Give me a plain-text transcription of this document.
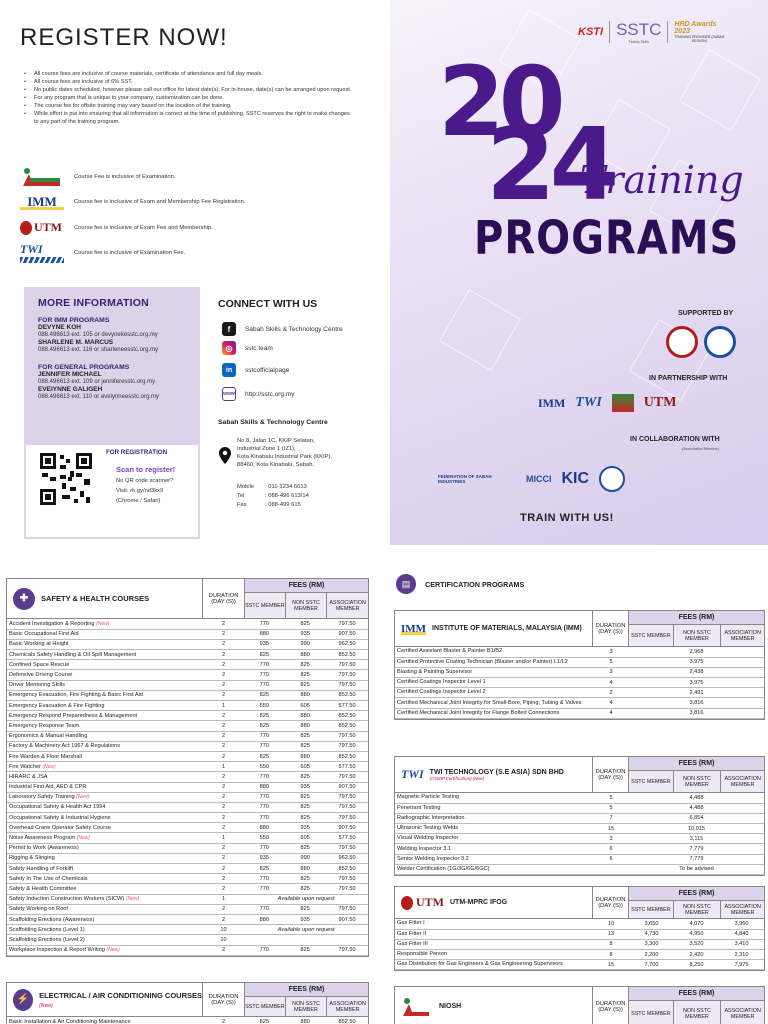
REGISTER NOW!
• All course fees are inclusive of course materials, certificate of attendance and full day meals.
• All course fees are inclusive of 6% SST.
• No public dates scheduled, however please call our office for latest date(s). For in-house, date(s) can be arranged upon request.
• For any program that is unique to your company, customization can be done.
• The course fee for offsite training may vary based on the location of the training.
• While effort is put into ensuring that all information is correct at the time of publishing, SSTC reserves the right to make changes to any part of the training program.
Course Fee is inclusive of Examination.
IMM	Course fee is inclusive of Exam and Membership Fee Registration.
UTM Course fee is inclusive of Exam Fee and Membership.
TWI	Course fee is inclusive of Examination Fee.
MORE INFORMATION
FOR IMM PROGRAMS
DEVYNE KOH
088.496613 ext. 105 or devynekesstc.org.my
SHARLENE M. MARCUS
088.496613 ext. 116 or sharleneesstc.org.my
FOR GENERAL PROGRAMS
JENNIFER MICHAEL
088.496613 ext. 109 or jenniferesstc.org.my
EVEIYNNE GALIGEH
088.496613 ext. 110 or eveiynneesstc.org.my
FOR REGISTRATION
Scan to register!
No QR code scanner?
Visit: rb.gy/nd3kx9
(Chrome / Safari)
CONNECT WITH US
f	Sabah Skills & Technology Centre
◎	sstc.team
in	sstcofficialpage
www http://sstc.org.my
Sabah Skills & Technology Centre
No.8, Jalan 1C, KKIP Selatan,
Industrial Zone 1 (IZ1),
Kota Kinabalu Industrial Park (KKIP),
88460, Kota Kinabalu, Sabah.
Mobile : 011-1234 6613
Tel	: 088-496 613/14
Fax	: 088-499 615
KSTI SSTC
Fidelity Skills
HRD Awards 2023
TRAINING PROVIDER (SABAH REGION)
20
24
Training
PROGRAMS
SUPPORTED BY
IN PARTNERSHIP WITH
IMM TWI	UTM
IN COLLABORATION WITH
(Association Member)
FEDERATION OF SABAH INDUSTRIES	MICCI KIC
TRAIN WITH US!
✚	SAFETY & HEALTH COURSES	DURATION
(DAY (S))
FEES (RM)
SSTC MEMBER	NON SSTC MEMBER
ASSOCIATION MEMBER
Accident Investigation & Reporting (New)	2	770	825	797.50
Basic Occupational First Aid	2	880	935	907.50
Basic Working at Height	2	935	990	962.50
Chemicals Safety Handling & Oil Spill Management	2	825	880	852.50
Confined Space Rescue	2	770	825	797.50
Defensive Driving Course	2	770	825	797.50
Driver Mentoring Skills	2	770	825	797.50
Emergency Evacuation, Fire Fighting & Basic First Aid	2	825	880	852.50
Emergency Evacuation & Fire Fighting	1	550	605	577.50
Emergency Respond Preparedness & Management	2	825	880	852.50
Emergency Response Team	2	825	880	852.50
Ergonomics & Manual Handling	2	770	825	797.50
Factory & Machinery Act 1967 & Regulations	2	770	825	797.50
Fire Warden & Floor Marshall	2	825	880	852.50
Fire Watcher (New)	1	550	605	577.50
HIRARC & JSA	2	770	825	797.50
Industrial First Aid, AED & CPR	2	880	935	907.50
Laboratory Safety Training (New)	2	770	825	797.50
Occupational Safety & Health Act 1994	2	770	825	797.50
Occupational Safety & Industrial Hygiene	2	770	825	797.50
Overhead Crane Operator Safety Course	2	880	935	907.50
Noise Awareness Program (New)	1	550	605	577.50
Permit to Work (Awareness)	2	770	825	797.50
Rigging & Slinging	2	935	990	962.50
Safety Handling of Forklift	2	825	880	852.50
Safety In The Use of Chemicals	2	770	825	797.50
Safety & Health Committee	2	770	825	797.50
Safety Induction Construction Workers (SICW) (New)	1	Available upon request		
Safety Working on Roof	2	770	825	797.50
Scaffolding Erections (Awareness)	2	880	935	907.50
Scaffolding Erections (Level 1)	10	Available upon request		
Scaffolding Erections (Level 2)	10			
Workplace Inspection & Report Writing (New)	2	770	825	797.50
⚡	ELECTRICAL / AIR CONDITIONING COURSES (New)
DURATION
(DAY (S))
FEES (RM)
SSTC MEMBER	NON SSTC MEMBER
ASSOCIATION MEMBER
Basic Installation & Air Conditioning Maintenance	2	825	880	852.50
▤	CERTIFICATION PROGRAMS
IMM INSTITUTE OF MATERIALS, MALAYSIA (IMM)	DURATION
(DAY (S))
FEES (RM)
SSTC MEMBER	NON SSTC MEMBER
ASSOCIATION MEMBER
Certified Assistant Blaster & Painter B1/B2	3	2,968
Certified Protective Coating Technician (Blaster and/or Painter) L1/L2	5	3,975
Blasting & Painting Supervisor	3	2,438
Certified Coatings Inspector Level 1	4	3,975
Certified Coatings Inspector Level 2	2	2,491
Certified Mechanical Joint Integrity for Small-Bore, Piping, Tubing & Valves	4	3,816
Certified Mechanical Joint Integrity for Flange Bolted Connections	4	3,816
TWI TWI TECHNOLOGY (S.E ASIA) SDN BHD
(CSWIP Certification) (New)
DURATION
(DAY (S))
FEES (RM)
SSTC MEMBER	NON SSTC MEMBER
ASSOCIATION MEMBER
Magnetic Particle Testing	5	4,488
Penetrant Testing	5	4,488
Radiographic Interpretation	7	6,854
Ultrasonic Testing Welds	15	10,915
Visual Welding Inspector	3	3,115
Welding Inspector 3.1	6	7,779
Senior Welding Inspector 3.2	6	7,779
Welder Certification (1G/3G/6G/6GC)		To be advised
UTM UTM-MPRC IFOG	DURATION
(DAY (S))
FEES (RM)
SSTC MEMBER	NON SSTC MEMBER
ASSOCIATION MEMBER
Gas Fitter I	10	3,650	4,070	3,960
Gas Fitter II	13	4,730	4,950	4,840
Gas Fitter III	8	3,300	3,520	3,410
Responsible Person	8	2,200	2,420	2,310
Gas Distribution for Gas Engineers & Gas Engineering Supervisors	15	7,700	8,250	7,975
NIOSH	DURATION
(DAY (S))
FEES (RM)
SSTC MEMBER	NON SSTC MEMBER
ASSOCIATION MEMBER
